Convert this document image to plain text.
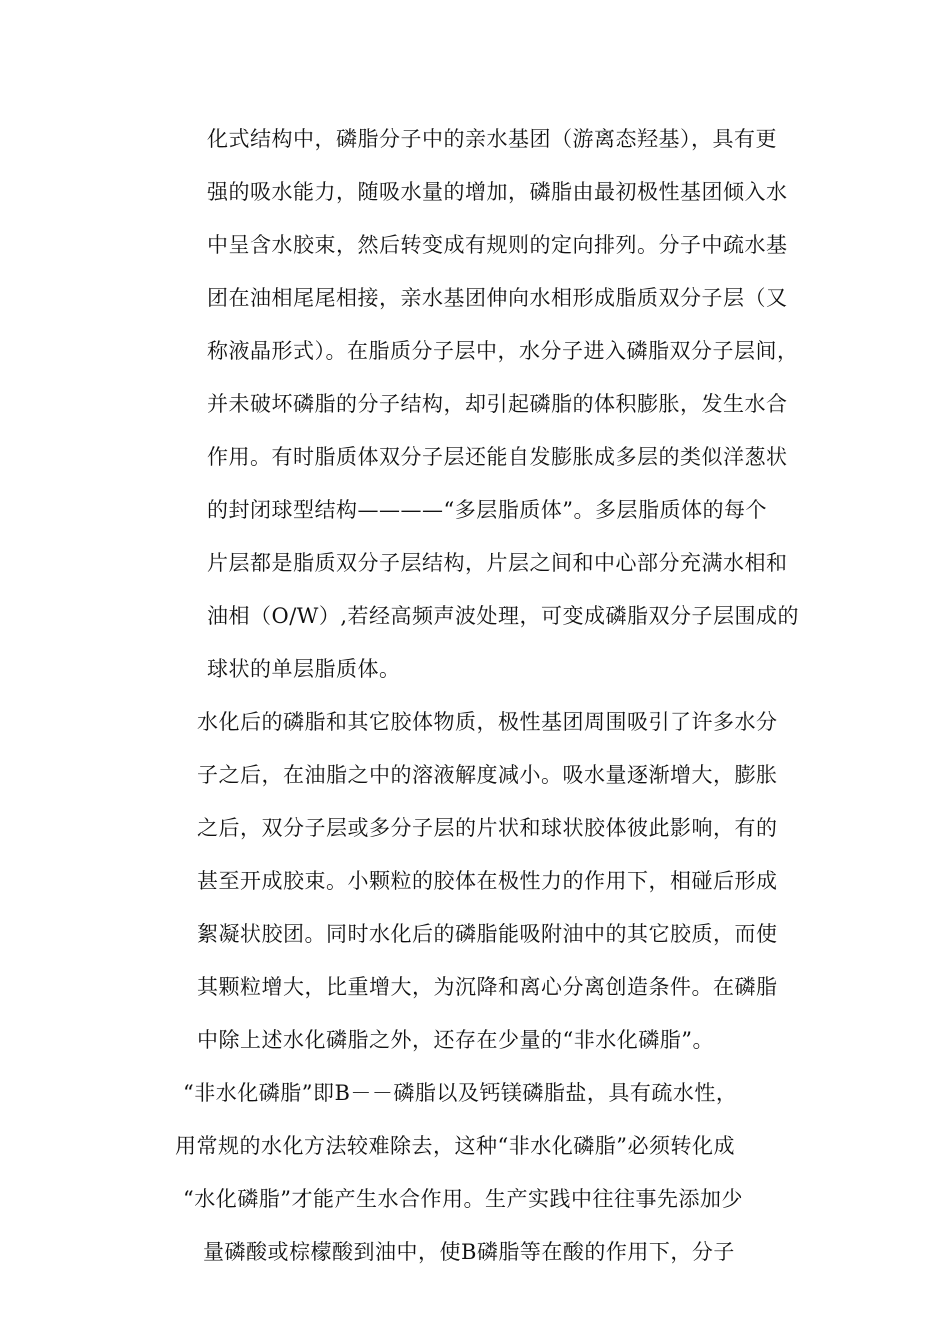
化式结构中，磷脂分子中的亲水基团（游离态羟基），具有更
强的吸水能力，随吸水量的增加，磷脂由最初极性基团倾入水
中呈含水胶束，然后转变成有规则的定向排列。分子中疏水基
团在油相尾尾相接，亲水基团伸向水相形成脂质双分子层（又
称液晶形式）。在脂质分子层中，水分子进入磷脂双分子层间，
并未破坏磷脂的分子结构，却引起磷脂的体积膨胀，发生水合
作用。有时脂质体双分子层还能自发膨胀成多层的类似洋葱状
的封闭球型结构————“多层脂质体”。多层脂质体的每个
片层都是脂质双分子层结构，片层之间和中心部分充满水相和
油相（O/W）,若经高频声波处理，可变成磷脂双分子层围成的
球状的单层脂质体。
水化后的磷脂和其它胶体物质，极性基团周围吸引了许多水分
子之后，在油脂之中的溶液解度减小。吸水量逐渐增大，膨胀
之后，双分子层或多分子层的片状和球状胶体彼此影响，有的
甚至开成胶束。小颗粒的胶体在极性力的作用下，相碰后形成
絮凝状胶团。同时水化后的磷脂能吸附油中的其它胶质，而使
其颗粒增大，比重增大，为沉降和离心分离创造条件。在磷脂
中除上述水化磷脂之外，还存在少量的“非水化磷脂”。
“非水化磷脂”即Β－－磷脂以及钙镁磷脂盐，具有疏水性，
用常规的水化方法较难除去，这种“非水化磷脂”必须转化成
“水化磷脂”才能产生水合作用。生产实践中往往事先添加少
量磷酸或棕檬酸到油中，使Β磷脂等在酸的作用下，分子
